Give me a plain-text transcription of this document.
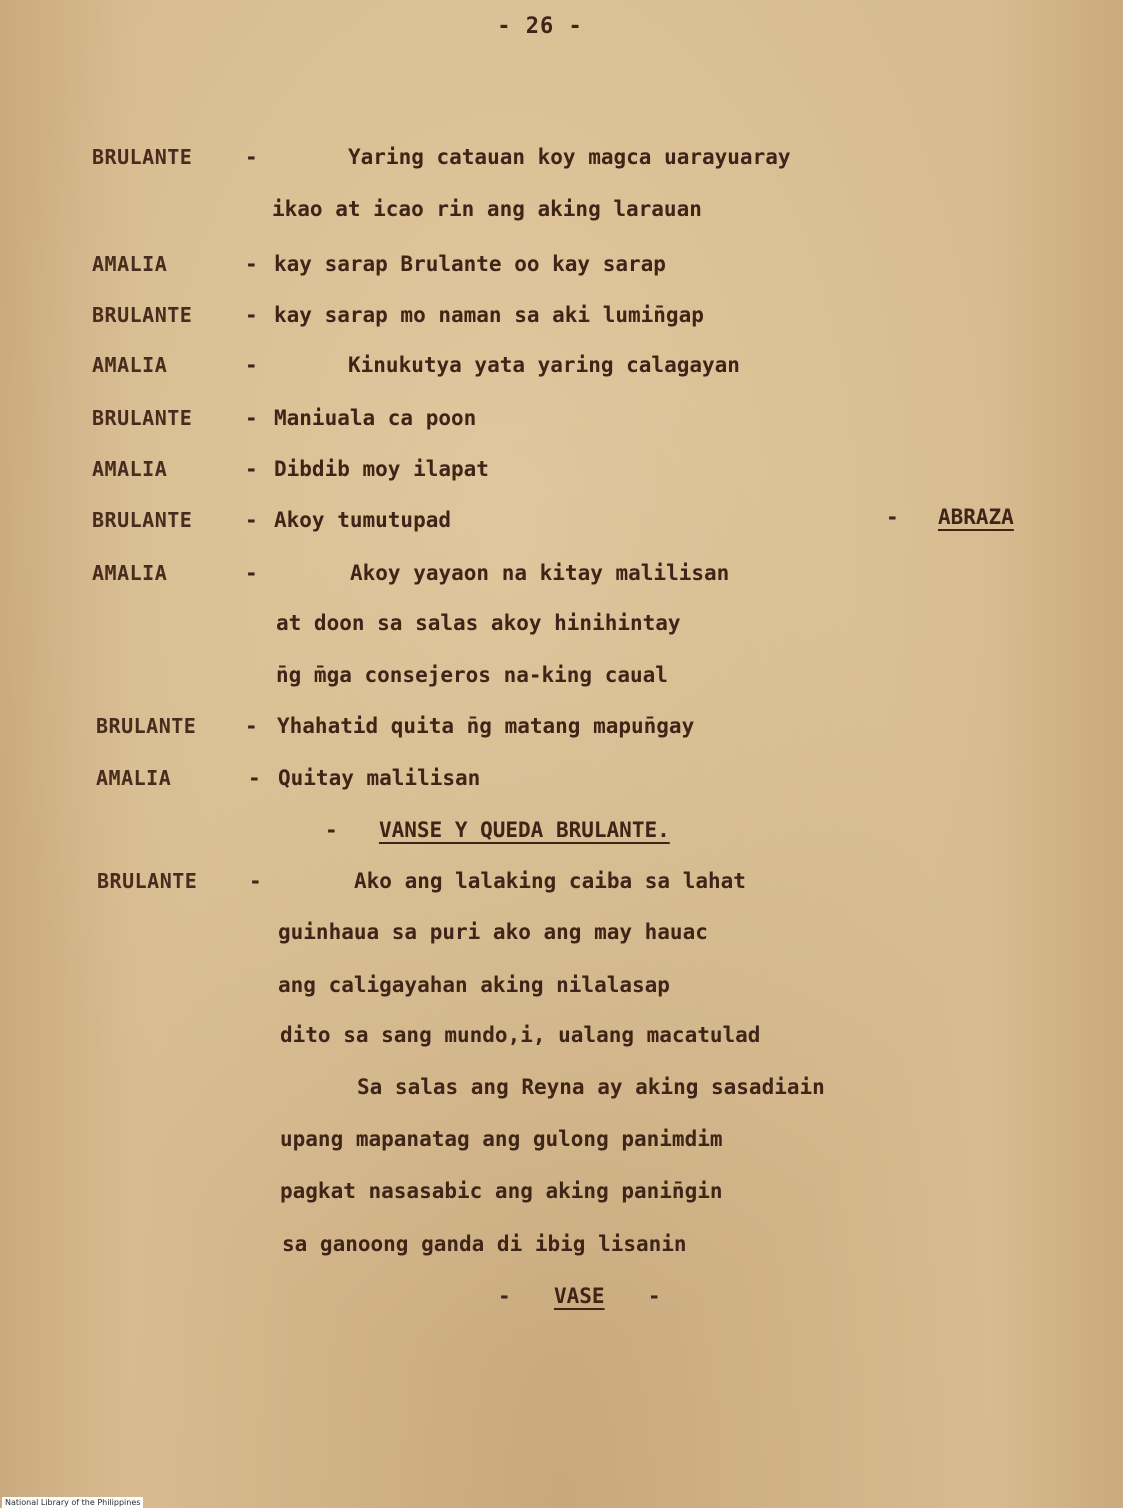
- 26 -
BRULANTE	-	Yaring catauan koy magca uarayuaray
ikao at icao rin ang aking larauan
AMALIA	- kay sarap Brulante oo kay sarap
BRULANTE	- kay sarap mo naman sa aki lumin̄gap
AMALIA	-	Kinukutya yata yaring calagayan
BRULANTE	- Maniuala ca poon
AMALIA	- Dibdib moy ilapat
BRULANTE	- Akoy tumutupad	- ABRAZA
AMALIA	-	Akoy yayaon na kitay malilisan
at doon sa salas akoy hinihintay
n̄g m̄ga consejeros na-king caual
BRULANTE	- Yhahatid quita n̄g matang mapun̄gay
AMALIA	- Quitay malilisan
- VANSE Y QUEDA BRULANTE.
BRULANTE	-	Ako ang lalaking caiba sa lahat
guinhaua sa puri ako ang may hauac
ang caligayahan aking nilalasap
dito sa sang mundo,i, ualang macatulad
Sa salas ang Reyna ay aking sasadiain
upang mapanatag ang gulong panimdim
pagkat nasasabic ang aking panin̄gin
sa ganoong ganda di ibig lisanin
- VASE -
National Library of the Philippines
